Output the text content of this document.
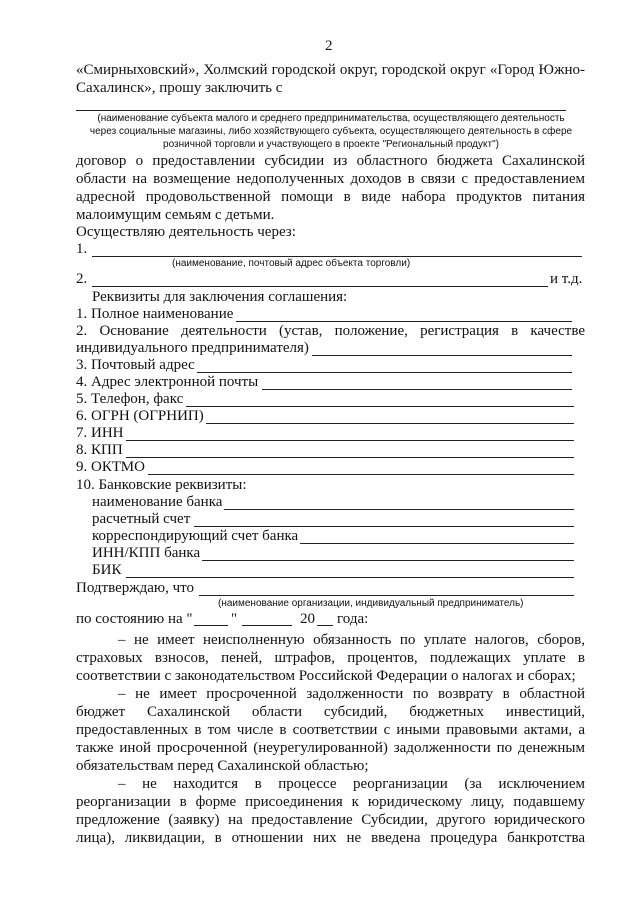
2
«Смирныховский», Холмский городской округ, городской округ «Город Южно-
Сахалинск», прошу заключить с
(наименование субъекта малого и среднего предпринимательства, осуществляющего деятельность
через социальные магазины, либо хозяйствующего субъекта, осуществляющего деятельность в сфере
розничной торговли и участвующего в проекте "Региональный продукт")
договор о предоставлении субсидии из областного бюджета Сахалинской
области на возмещение недополученных доходов в связи с предоставлением
адресной продовольственной помощи в виде набора продуктов питания
малоимущим семьям с детьми.
Осуществляю деятельность через:
1.
(наименование, почтовый адрес объекта торговли)
2.	и т.д.
Реквизиты для заключения соглашения:
1. Полное наименование
2. Основание деятельности (устав, положение, регистрация в качестве
индивидуального предпринимателя)
3. Почтовый адрес
4. Адрес электронной почты
5. Телефон, факс
6. ОГРН (ОГРНИП)
7. ИНН
8. КПП
9. ОКТМО
10. Банковские реквизиты:
наименование банка
расчетный счет
корреспондирующий счет банка
ИНН/КПП банка
БИК
Подтверждаю, что
(наименование организации, индивидуальный предприниматель)
по состоянию на "	"	20 года:
– не имеет неисполненную обязанность по уплате налогов, сборов,
страховых взносов, пеней, штрафов, процентов, подлежащих уплате в
соответствии с законодательством Российской Федерации о налогах и сборах;
– не имеет просроченной задолженности по возврату в областной
бюджет Сахалинской области субсидий, бюджетных инвестиций,
предоставленных в том числе в соответствии с иными правовыми актами, а
также иной просроченной (неурегулированной) задолженности по денежным
обязательствам перед Сахалинской областью;
– не находится в процессе реорганизации (за исключением
реорганизации в форме присоединения к юридическому лицу, подавшему
предложение (заявку) на предоставление Субсидии, другого юридического
лица), ликвидации, в отношении них не введена процедура банкротства
